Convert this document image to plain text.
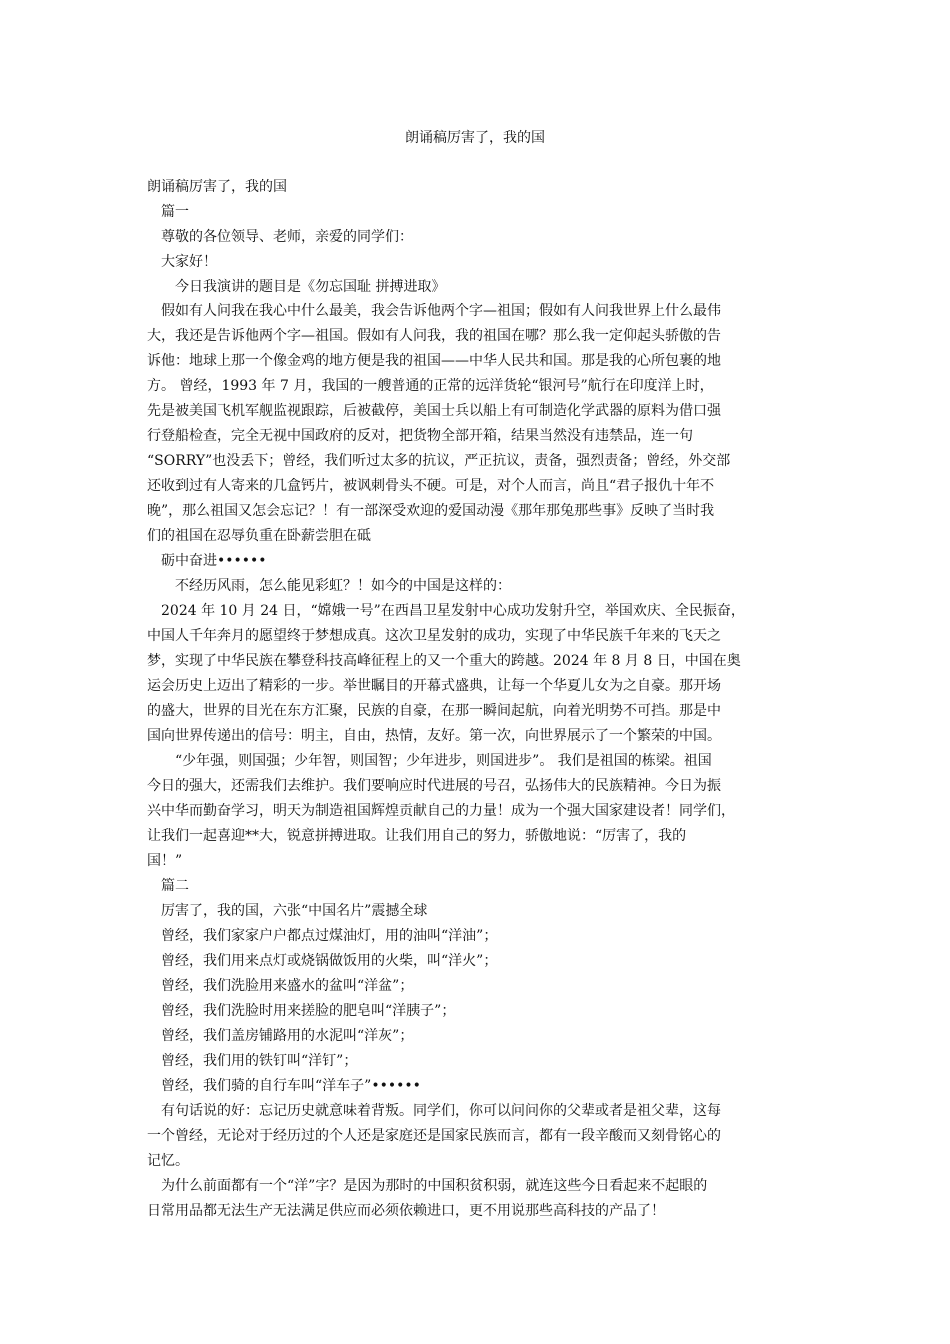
朗诵稿厉害了，我的国
朗诵稿厉害了，我的国
篇一
尊敬的各位领导、老师，亲爱的同学们：
大家好！
今日我演讲的题目是《勿忘国耻 拼搏进取》
假如有人问我在我心中什么最美，我会告诉他两个字—祖国；假如有人问我世界上什么最伟
大，我还是告诉他两个字—祖国。假如有人问我，我的祖国在哪？那么我一定仰起头骄傲的告
诉他：地球上那一个像金鸡的地方便是我的祖国——中华人民共和国。那是我的心所包裹的地
方。 曾经，1993 年 7 月，我国的一艘普通的正常的远洋货轮“银河号”航行在印度洋上时，
先是被美国飞机军舰监视跟踪，后被截停，美国士兵以船上有可制造化学武器的原料为借口强
行登船检查，完全无视中国政府的反对，把货物全部开箱，结果当然没有违禁品，连一句
“SORRY”也没丢下；曾经，我们听过太多的抗议，严正抗议，责备，强烈责备；曾经，外交部
还收到过有人寄来的几盒钙片，被讽刺骨头不硬。可是，对个人而言，尚且“君子报仇十年不
晚”，那么祖国又怎会忘记？！有一部深受欢迎的爱国动漫《那年那兔那些事》反映了当时我
们的祖国在忍辱负重在卧薪尝胆在砥
砺中奋进••••••
不经历风雨，怎么能见彩虹？！如今的中国是这样的：
2024 年 10 月 24 日，“嫦娥一号”在西昌卫星发射中心成功发射升空，举国欢庆、全民振奋，
中国人千年奔月的愿望终于梦想成真。这次卫星发射的成功，实现了中华民族千年来的飞天之
梦，实现了中华民族在攀登科技高峰征程上的又一个重大的跨越。2024 年 8 月 8 日，中国在奥
运会历史上迈出了精彩的一步。举世瞩目的开幕式盛典，让每一个华夏儿女为之自豪。那开场
的盛大，世界的目光在东方汇聚，民族的自豪，在那一瞬间起航，向着光明势不可挡。那是中
国向世界传递出的信号：明主，自由，热情，友好。第一次，向世界展示了一个繁荣的中国。
“少年强，则国强；少年智，则国智；少年进步，则国进步”。 我们是祖国的栋梁。祖国
今日的强大，还需我们去维护。我们要响应时代进展的号召，弘扬伟大的民族精神。今日为振
兴中华而勤奋学习，明天为制造祖国辉煌贡献自己的力量！成为一个强大国家建设者！同学们，
让我们一起喜迎**大，锐意拼搏进取。让我们用自己的努力，骄傲地说：“厉害了，我的
国！”
篇二
厉害了，我的国，六张“中国名片”震撼全球
曾经，我们家家户户都点过煤油灯，用的油叫“洋油”；
曾经，我们用来点灯或烧锅做饭用的火柴，叫“洋火”；
曾经，我们洗脸用来盛水的盆叫“洋盆”；
曾经，我们洗脸时用来搓脸的肥皂叫“洋胰子”；
曾经，我们盖房铺路用的水泥叫“洋灰”；
曾经，我们用的铁钉叫“洋钉”；
曾经，我们骑的自行车叫“洋车子”••••••
有句话说的好：忘记历史就意味着背叛。同学们，你可以问问你的父辈或者是祖父辈，这每
一个曾经，无论对于经历过的个人还是家庭还是国家民族而言，都有一段辛酸而又刻骨铭心的
记忆。
为什么前面都有一个“洋”字？是因为那时的中国积贫积弱，就连这些今日看起来不起眼的
日常用品都无法生产无法满足供应而必须依赖进口，更不用说那些高科技的产品了！
